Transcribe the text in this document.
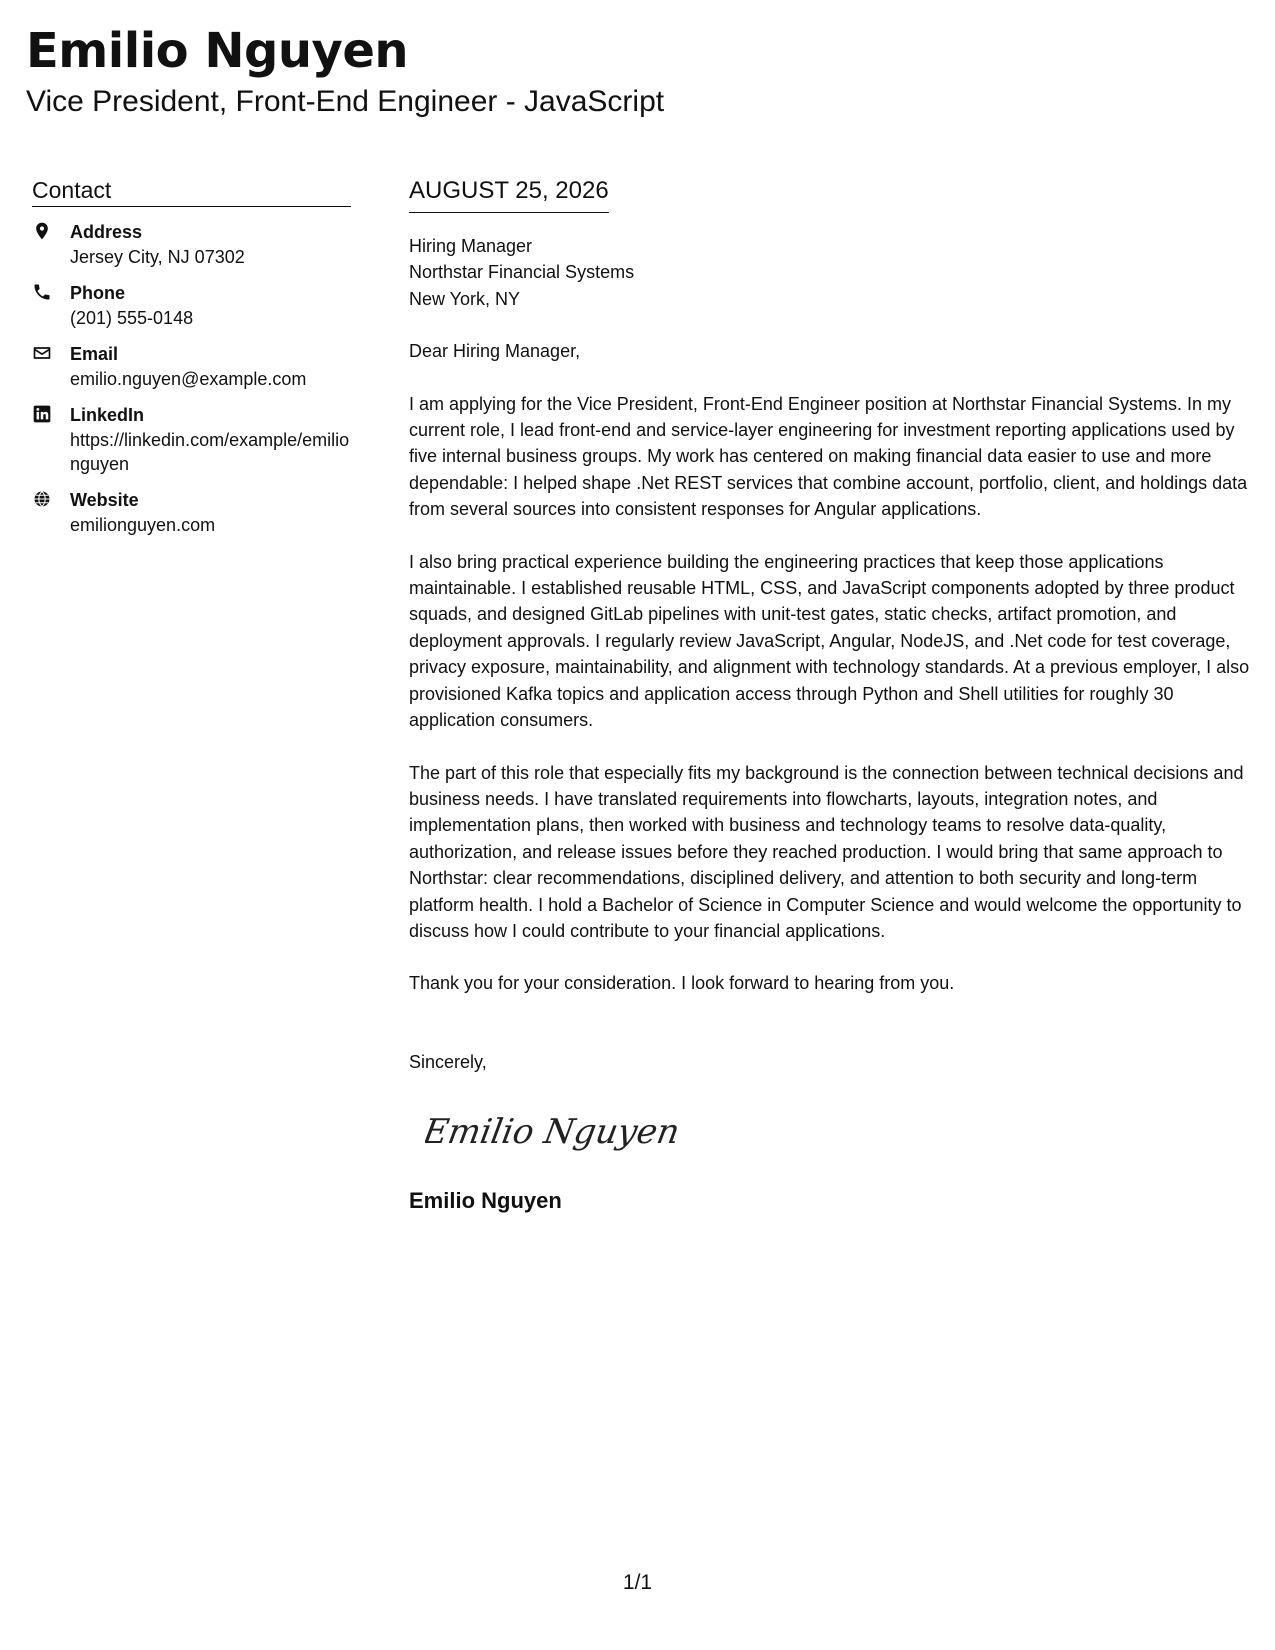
Emilio Nguyen
Vice President, Front-End Engineer - JavaScript
Contact
Address
Jersey City, NJ 07302
Phone
(201) 555-0148
Email
emilio.nguyen@example.com
LinkedIn
https://linkedin.com/example/emilionguyen
Website
emilionguyen.com
AUGUST 25, 2026
Hiring Manager
Northstar Financial Systems
New York, NY

Dear Hiring Manager,

I am applying for the Vice President, Front-End Engineer position at Northstar Financial Systems. In my current role, I lead front-end and service-layer engineering for investment reporting applications used by five internal business groups. My work has centered on making financial data easier to use and more dependable: I helped shape .Net REST services that combine account, portfolio, client, and holdings data from several sources into consistent responses for Angular applications.

I also bring practical experience building the engineering practices that keep those applications maintainable. I established reusable HTML, CSS, and JavaScript components adopted by three product squads, and designed GitLab pipelines with unit-test gates, static checks, artifact promotion, and deployment approvals. I regularly review JavaScript, Angular, NodeJS, and .Net code for test coverage, privacy exposure, maintainability, and alignment with technology standards. At a previous employer, I also provisioned Kafka topics and application access through Python and Shell utilities for roughly 30 application consumers.

The part of this role that especially fits my background is the connection between technical decisions and business needs. I have translated requirements into flowcharts, layouts, integration notes, and implementation plans, then worked with business and technology teams to resolve data-quality, authorization, and release issues before they reached production. I would bring that same approach to Northstar: clear recommendations, disciplined delivery, and attention to both security and long-term platform health. I hold a Bachelor of Science in Computer Science and would welcome the opportunity to discuss how I could contribute to your financial applications.

Thank you for your consideration. I look forward to hearing from you.

Sincerely,

Emilio Nguyen
Emilio Nguyen
1/1
